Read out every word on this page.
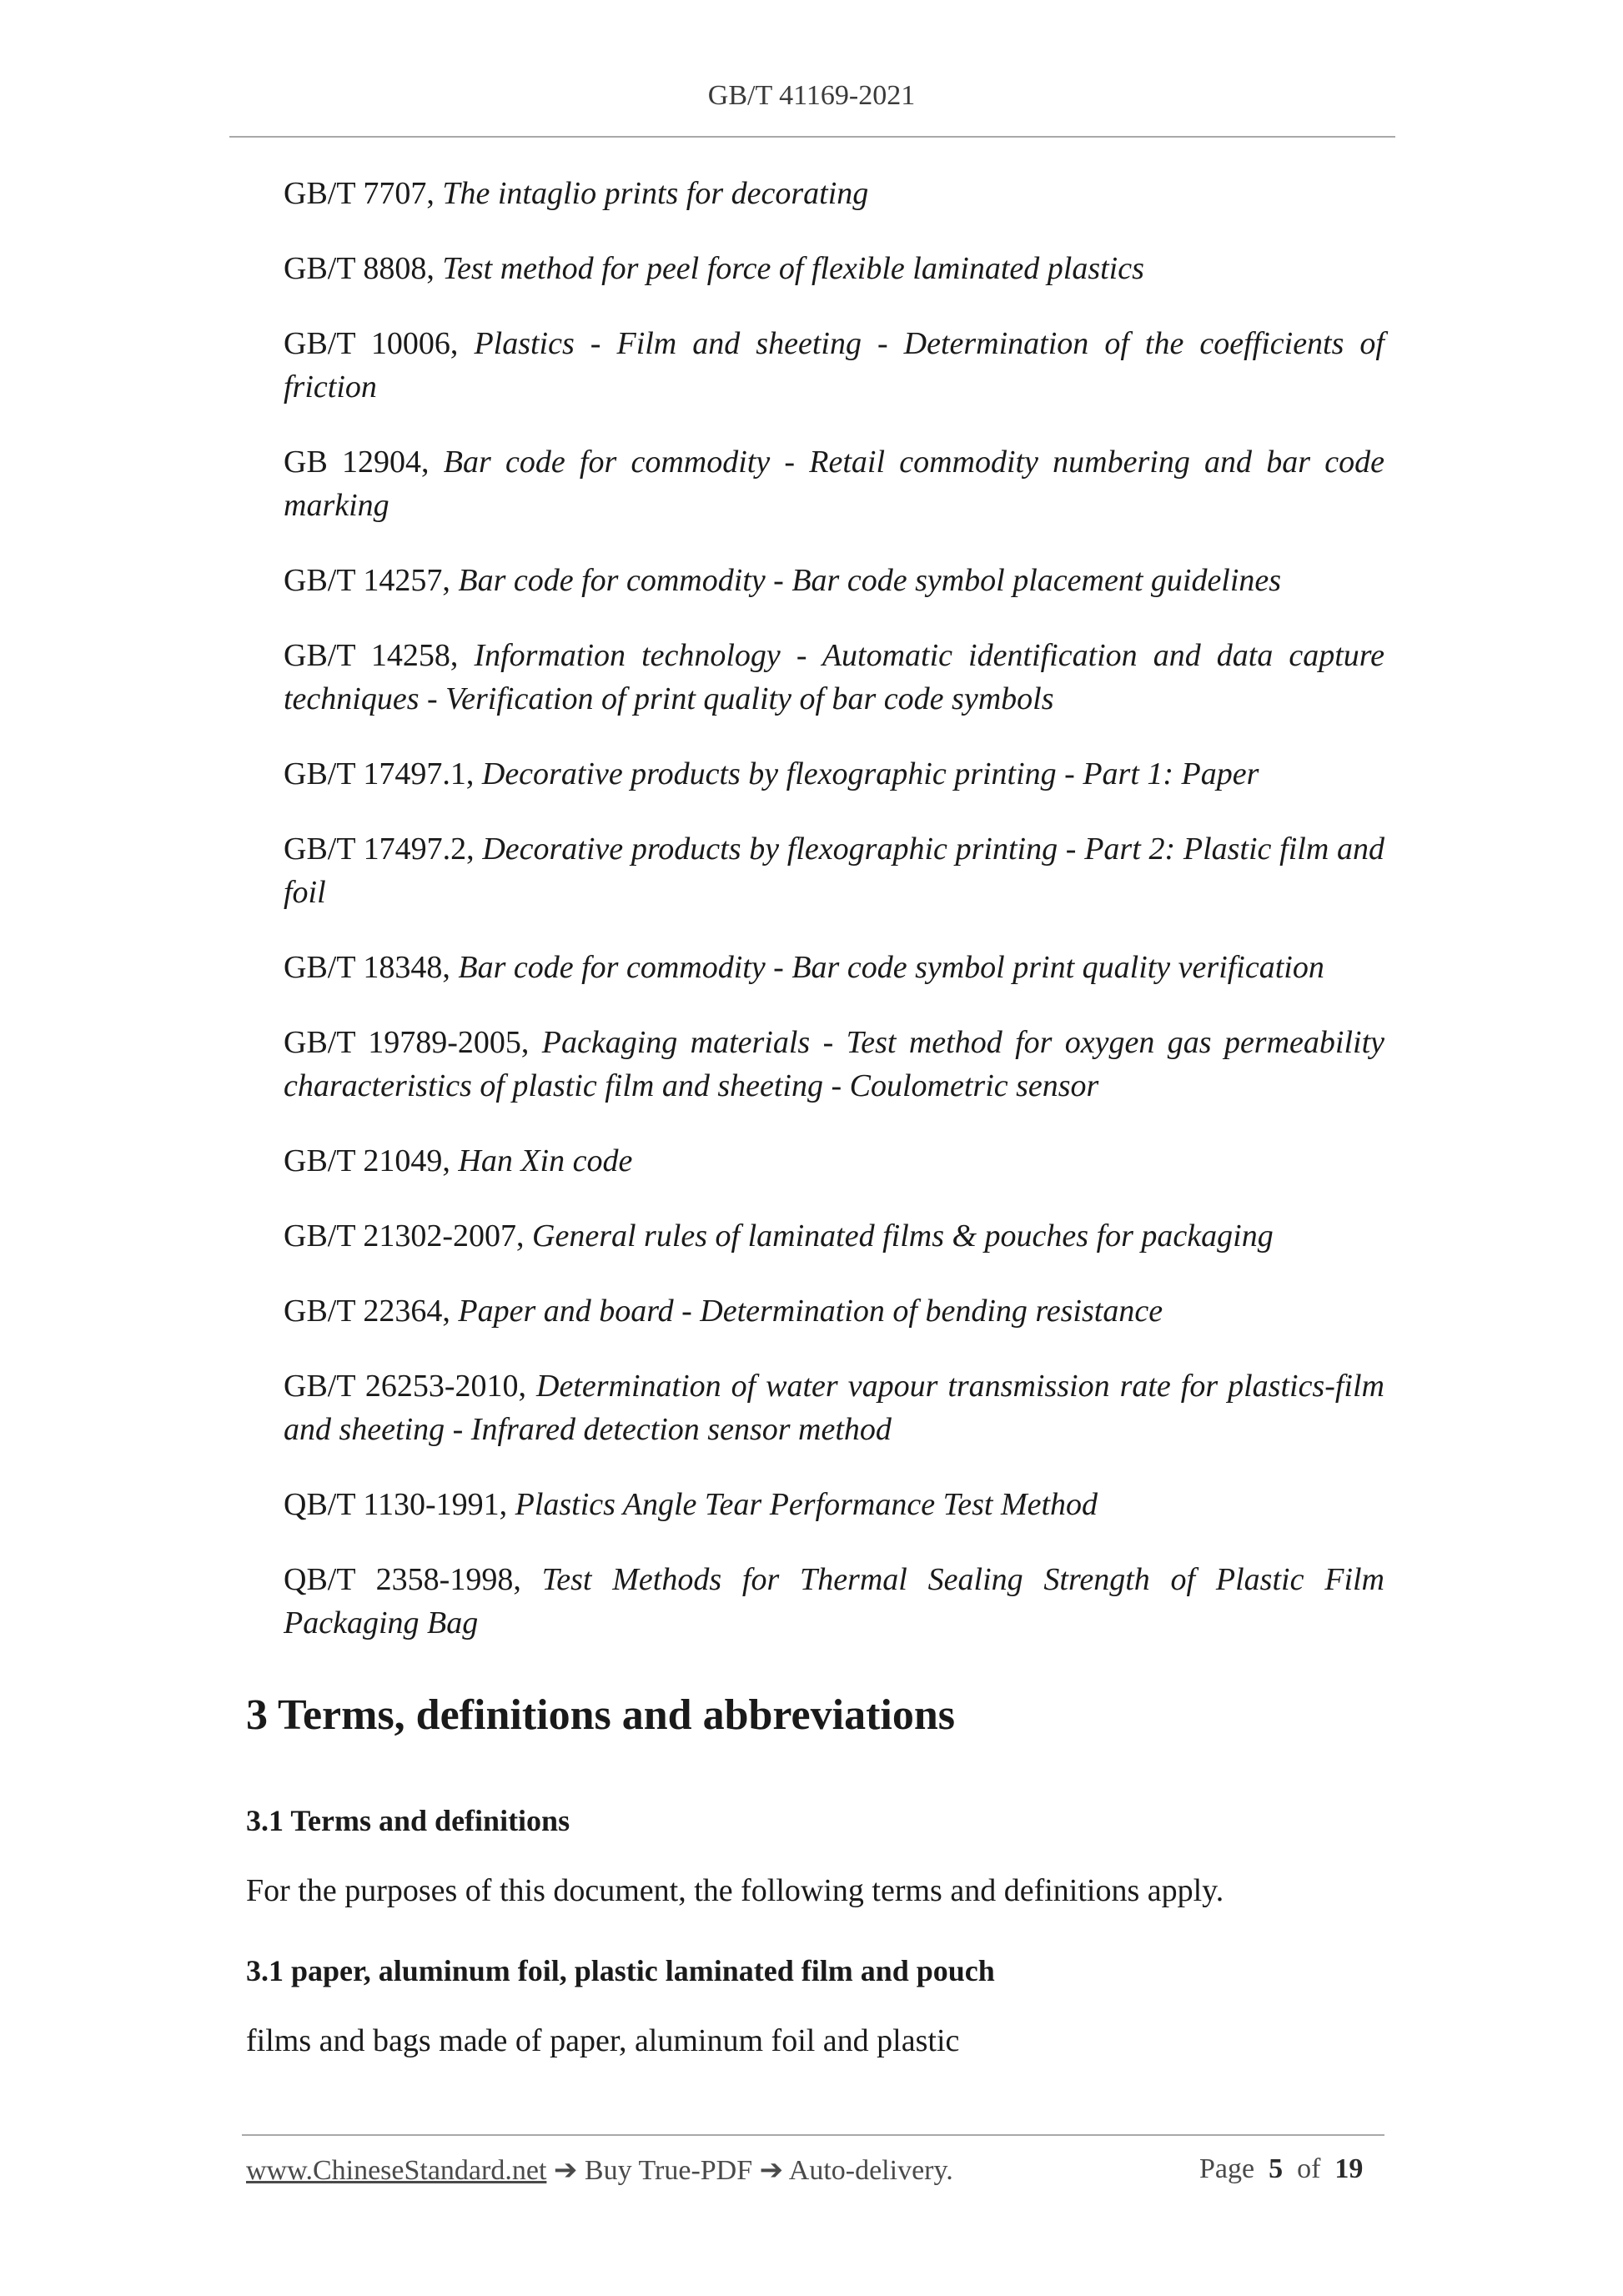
GB/T 41169-2021

GB/T 7707, The intaglio prints for decorating

GB/T 8808, Test method for peel force of flexible laminated plastics

GB/T 10006, Plastics - Film and sheeting - Determination of the coefficients of friction

GB 12904, Bar code for commodity - Retail commodity numbering and bar code marking

GB/T 14257, Bar code for commodity - Bar code symbol placement guidelines

GB/T 14258, Information technology - Automatic identification and data capture techniques - Verification of print quality of bar code symbols

GB/T 17497.1, Decorative products by flexographic printing - Part 1: Paper

GB/T 17497.2, Decorative products by flexographic printing - Part 2: Plastic film and foil

GB/T 18348, Bar code for commodity - Bar code symbol print quality verification

GB/T 19789-2005, Packaging materials - Test method for oxygen gas permeability characteristics of plastic film and sheeting - Coulometric sensor

GB/T 21049, Han Xin code

GB/T 21302-2007, General rules of laminated films & pouches for packaging

GB/T 22364, Paper and board - Determination of bending resistance

GB/T 26253-2010, Determination of water vapour transmission rate for plastics-film and sheeting - Infrared detection sensor method

QB/T 1130-1991, Plastics Angle Tear Performance Test Method

QB/T 2358-1998, Test Methods for Thermal Sealing Strength of Plastic Film Packaging Bag

3 Terms, definitions and abbreviations
3.1 Terms and definitions

For the purposes of this document, the following terms and definitions apply.

3.1 paper, aluminum foil, plastic laminated film and pouch

films and bags made of paper, aluminum foil and plastic

www.ChineseStandard.net ➔ Buy True-PDF ➔ Auto-delivery.	Page 5 of 19
